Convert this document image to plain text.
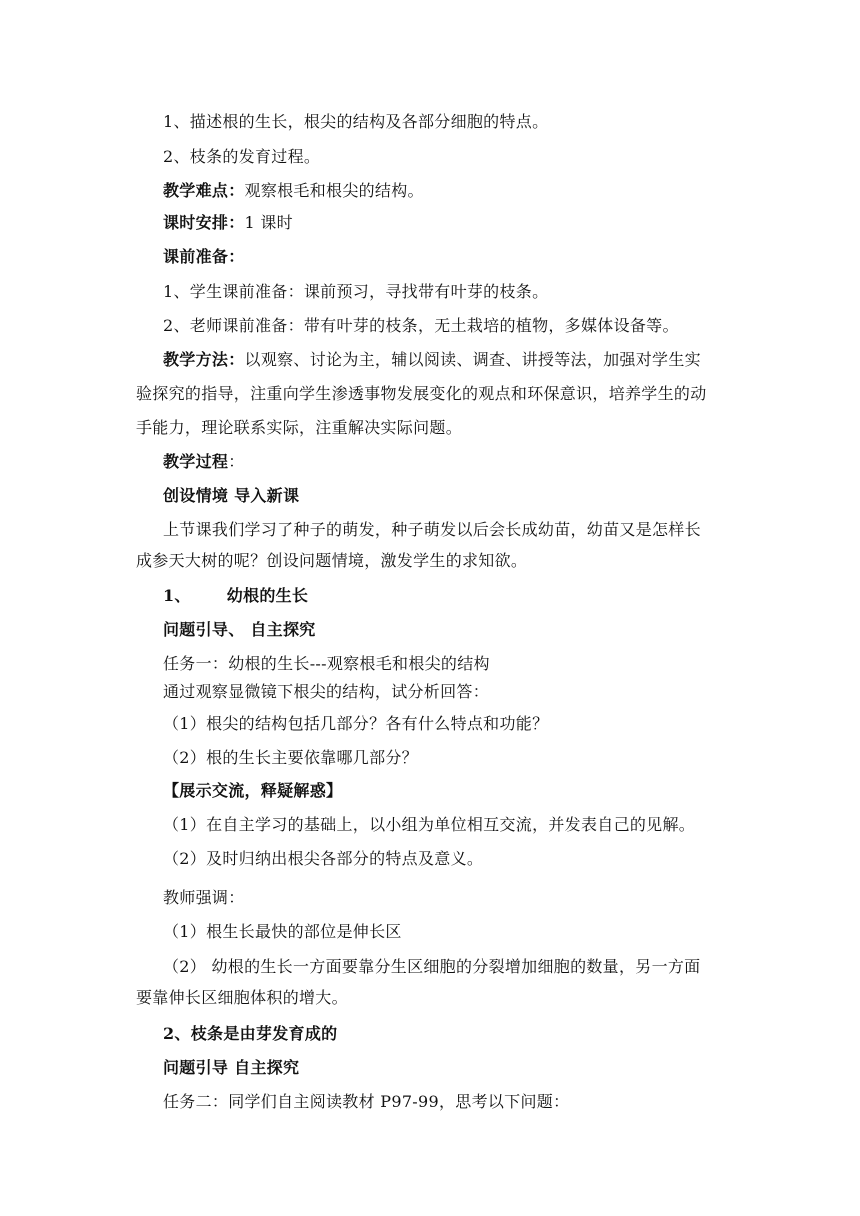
1、描述根的生长，根尖的结构及各部分细胞的特点。
2、枝条的发育过程。
教学难点：观察根毛和根尖的结构。
课时安排：1 课时
课前准备：
1、学生课前准备：课前预习，寻找带有叶芽的枝条。
2、老师课前准备：带有叶芽的枝条，无土栽培的植物，多媒体设备等。
教学方法：以观察、讨论为主，辅以阅读、调查、讲授等法，加强对学生实
验探究的指导，注重向学生渗透事物发展变化的观点和环保意识，培养学生的动
手能力，理论联系实际，注重解决实际问题。
教学过程：
创设情境 导入新课
上节课我们学习了种子的萌发，种子萌发以后会长成幼苗，幼苗又是怎样长
成参天大树的呢？创设问题情境，激发学生的求知欲。
1、 幼根的生长
问题引导、 自主探究
任务一：幼根的生长---观察根毛和根尖的结构
通过观察显微镜下根尖的结构，试分析回答：
（1）根尖的结构包括几部分？各有什么特点和功能？
（2）根的生长主要依靠哪几部分？
【展示交流，释疑解惑】
（1）在自主学习的基础上，以小组为单位相互交流，并发表自己的见解。
（2）及时归纳出根尖各部分的特点及意义。
教师强调：
（1）根生长最快的部位是伸长区
（2） 幼根的生长一方面要靠分生区细胞的分裂增加细胞的数量，另一方面
要靠伸长区细胞体积的增大。
2、枝条是由芽发育成的
问题引导 自主探究
任务二：同学们自主阅读教材 P97-99，思考以下问题：
